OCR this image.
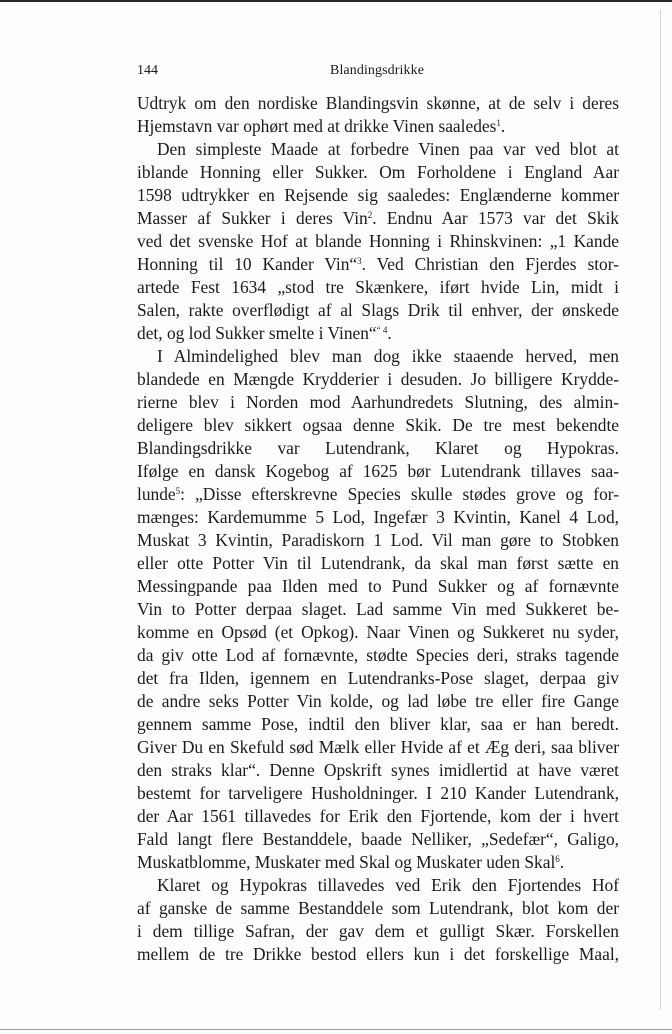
144	Blandingsdrikke
Udtryk om den nordiske Blandingsvin skønne, at de selv i deres
Hjemstavn var ophørt med at drikke Vinen saaledes$^1$.
Den simpleste Maade at forbedre Vinen paa var ved blot at
iblande Honning eller Sukker. Om Forholdene i England Aar
1598 udtrykker en Rejsende sig saaledes: Englænderne kommer
Masser af Sukker i deres Vin$^2$. Endnu Aar 1573 var det Skik
ved det svenske Hof at blande Honning i Rhinskvinen: „1 Kande
Honning til 10 Kander Vin“$^3$. Ved Christian den Fjerdes stor-
artede Fest 1634 „stod tre Skænkere, iført hvide Lin, midt i
Salen, rakte overflødigt af al Slags Drik til enhver, der ønskede
det, og lod Sukker smelte i Vinen“$^{“ 4}$.
I Almindelighed blev man dog ikke staaende herved, men
blandede en Mængde Krydderier i desuden. Jo billigere Krydde-
rierne blev i Norden mod Aarhundredets Slutning, des almin-
deligere blev sikkert ogsaa denne Skik. De tre mest bekendte
Blandingsdrikke var Lutendrank, Klaret og Hypokras.
Ifølge en dansk Kogebog af 1625 bør Lutendrank tillaves saa-
lunde$^5$: „Disse efterskrevne Species skulle stødes grove og for-
mænges: Kardemumme 5 Lod, Ingefær 3 Kvintin, Kanel 4 Lod,
Muskat 3 Kvintin, Paradiskorn 1 Lod. Vil man gøre to Stobken
eller otte Potter Vin til Lutendrank, da skal man først sætte en
Messingpande paa Ilden med to Pund Sukker og af fornævnte
Vin to Potter derpaa slaget. Lad samme Vin med Sukkeret be-
komme en Opsød (et Opkog). Naar Vinen og Sukkeret nu syder,
da giv otte Lod af fornævnte, stødte Species deri, straks tagende
det fra Ilden, igennem en Lutendranks-Pose slaget, derpaa giv
de andre seks Potter Vin kolde, og lad løbe tre eller fire Gange
gennem samme Pose, indtil den bliver klar, saa er han beredt.
Giver Du en Skefuld sød Mælk eller Hvide af et Æg deri, saa bliver
den straks klar“. Denne Opskrift synes imidlertid at have været
bestemt for tarveligere Husholdninger. I 210 Kander Lutendrank,
der Aar 1561 tillavedes for Erik den Fjortende, kom der i hvert
Fald langt flere Bestanddele, baade Nelliker, „Sedefær“, Galigo,
Muskatblomme, Muskater med Skal og Muskater uden Skal$^6$.
Klaret og Hypokras tillavedes ved Erik den Fjortendes Hof
af ganske de samme Bestanddele som Lutendrank, blot kom der
i dem tillige Safran, der gav dem et gulligt Skær. Forskellen
mellem de tre Drikke bestod ellers kun i det forskellige Maal,
